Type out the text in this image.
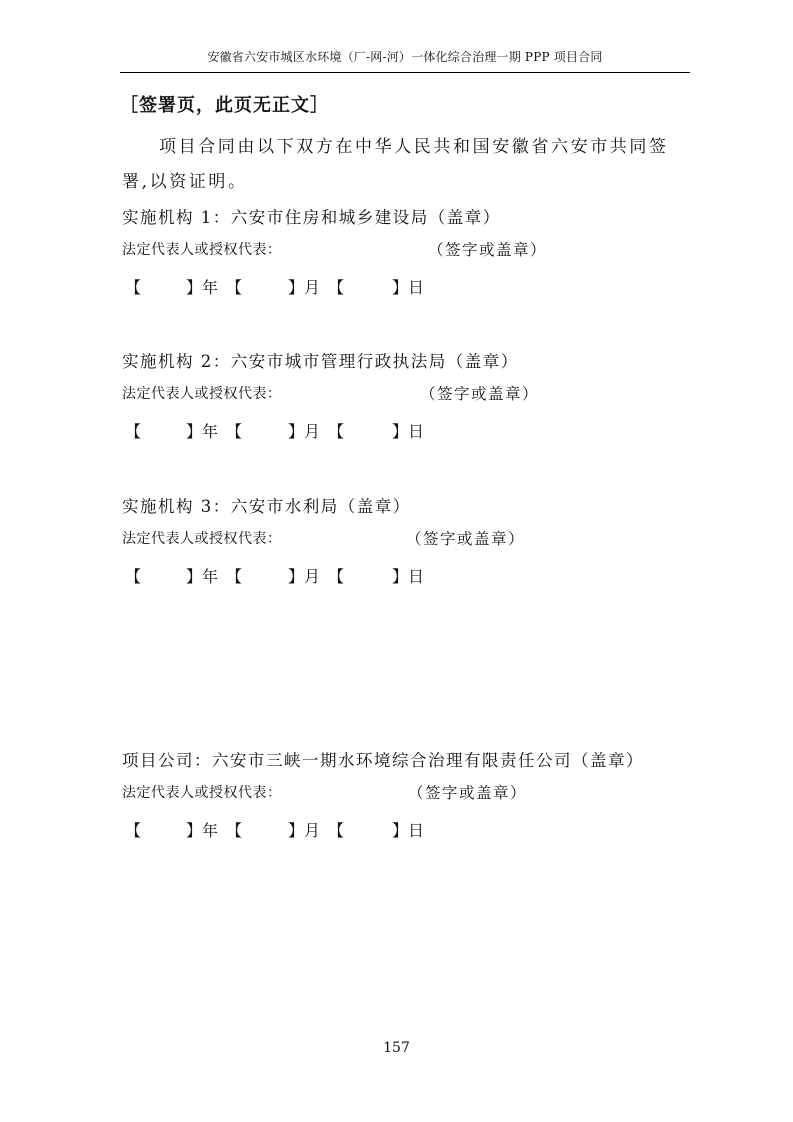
安徽省六安市城区水环境（厂-网-河）一体化综合治理一期 PPP 项目合同
［签署页，此页无正文］
项目合同由以下双方在中华人民共和国安徽省六安市共同签署,以资证明。
实施机构 1：六安市住房和城乡建设局（盖章）
法定代表人或授权代表：	（签字或盖章）
【	】年 【	】月 【	】日
实施机构 2：六安市城市管理行政执法局（盖章）
法定代表人或授权代表：	（签字或盖章）
【	】年 【	】月 【	】日
实施机构 3：六安市水利局（盖章）
法定代表人或授权代表：	（签字或盖章）
【	】年 【	】月 【	】日
项目公司：六安市三峡一期水环境综合治理有限责任公司（盖章）
法定代表人或授权代表：	（签字或盖章）
【	】年 【	】月 【	】日
157
